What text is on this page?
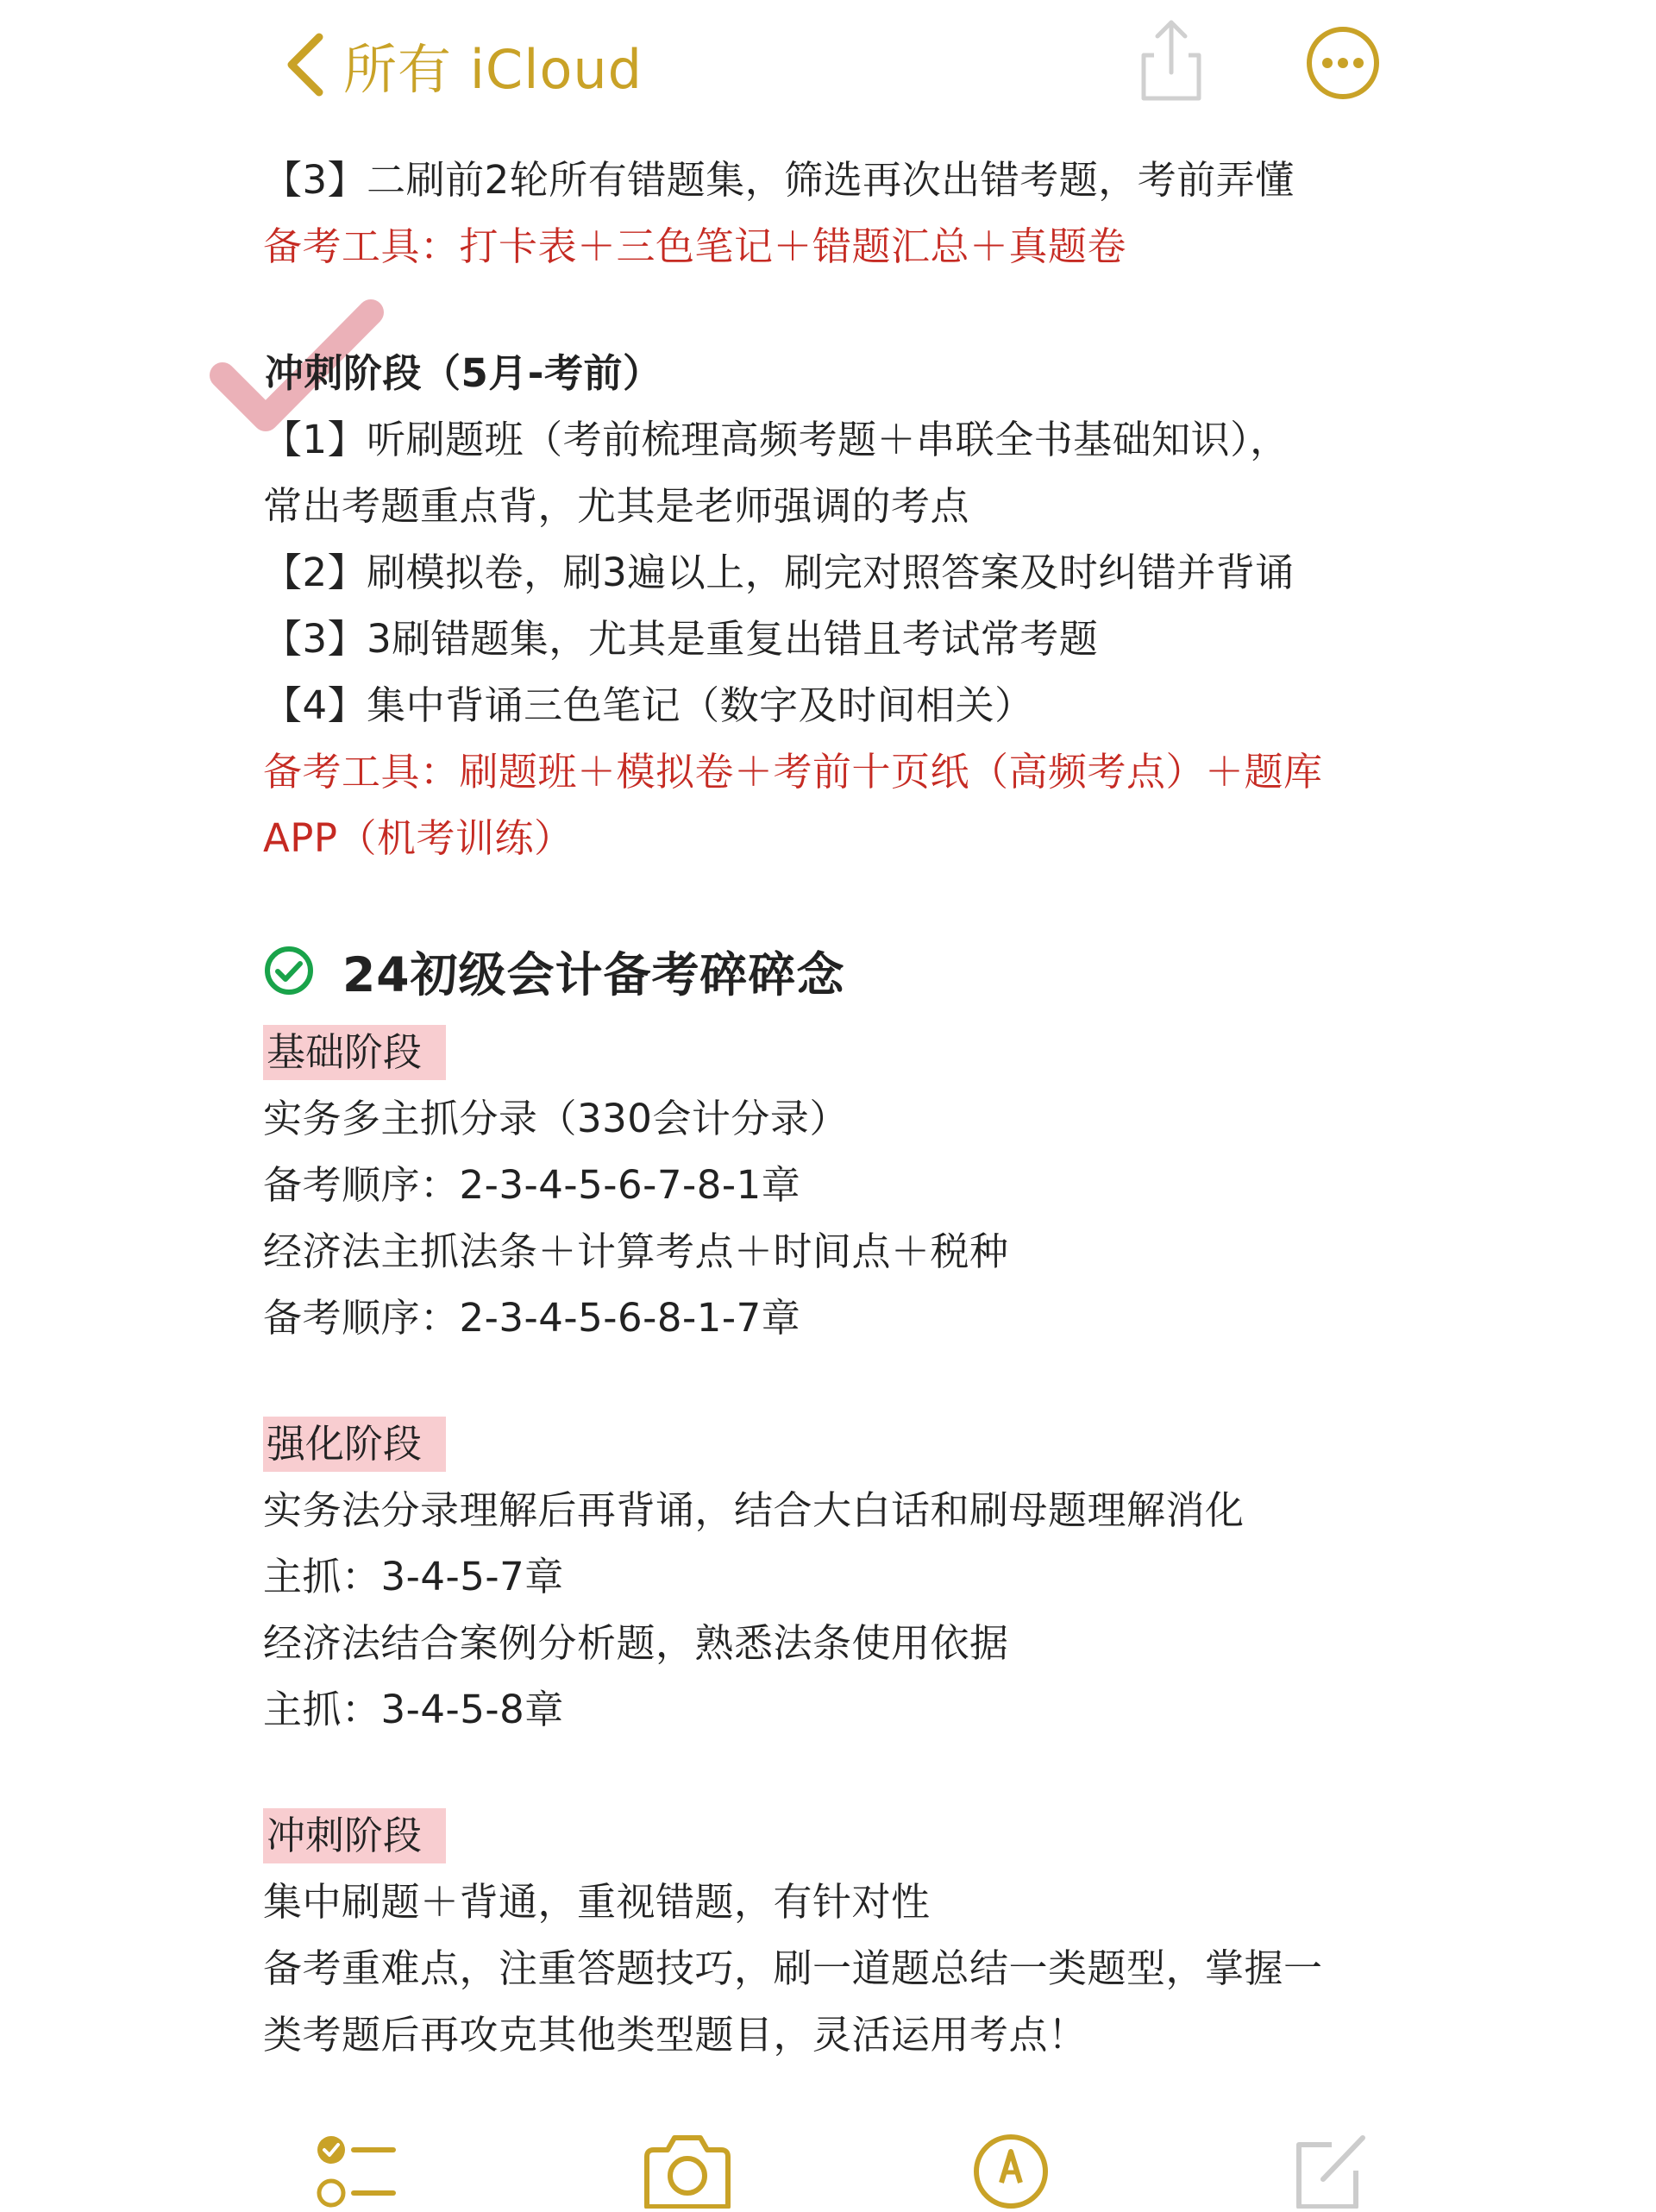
所有 iCloud
【3】二刷前2轮所有错题集，筛选再次出错考题，考前弄懂
备考工具：打卡表＋三色笔记＋错题汇总＋真题卷
冲刺阶段（5月-考前）
【1】听刷题班（考前梳理高频考题＋串联全书基础知识），
常出考题重点背，尤其是老师强调的考点
【2】刷模拟卷，刷3遍以上，刷完对照答案及时纠错并背诵
【3】3刷错题集，尤其是重复出错且考试常考题
【4】集中背诵三色笔记（数字及时间相关）
备考工具：刷题班＋模拟卷＋考前十页纸（高频考点）＋题库
APP（机考训练）
24初级会计备考碎碎念
基础阶段
实务多主抓分录（330会计分录）
备考顺序：2-3-4-5-6-7-8-1章
经济法主抓法条＋计算考点＋时间点＋税种
备考顺序：2-3-4-5-6-8-1-7章
强化阶段
实务法分录理解后再背诵，结合大白话和刷母题理解消化
主抓：3-4-5-7章
经济法结合案例分析题，熟悉法条使用依据
主抓：3-4-5-8章
冲刺阶段
集中刷题＋背通，重视错题，有针对性
备考重难点，注重答题技巧，刷一道题总结一类题型，掌握一
类考题后再攻克其他类型题目，灵活运用考点！
